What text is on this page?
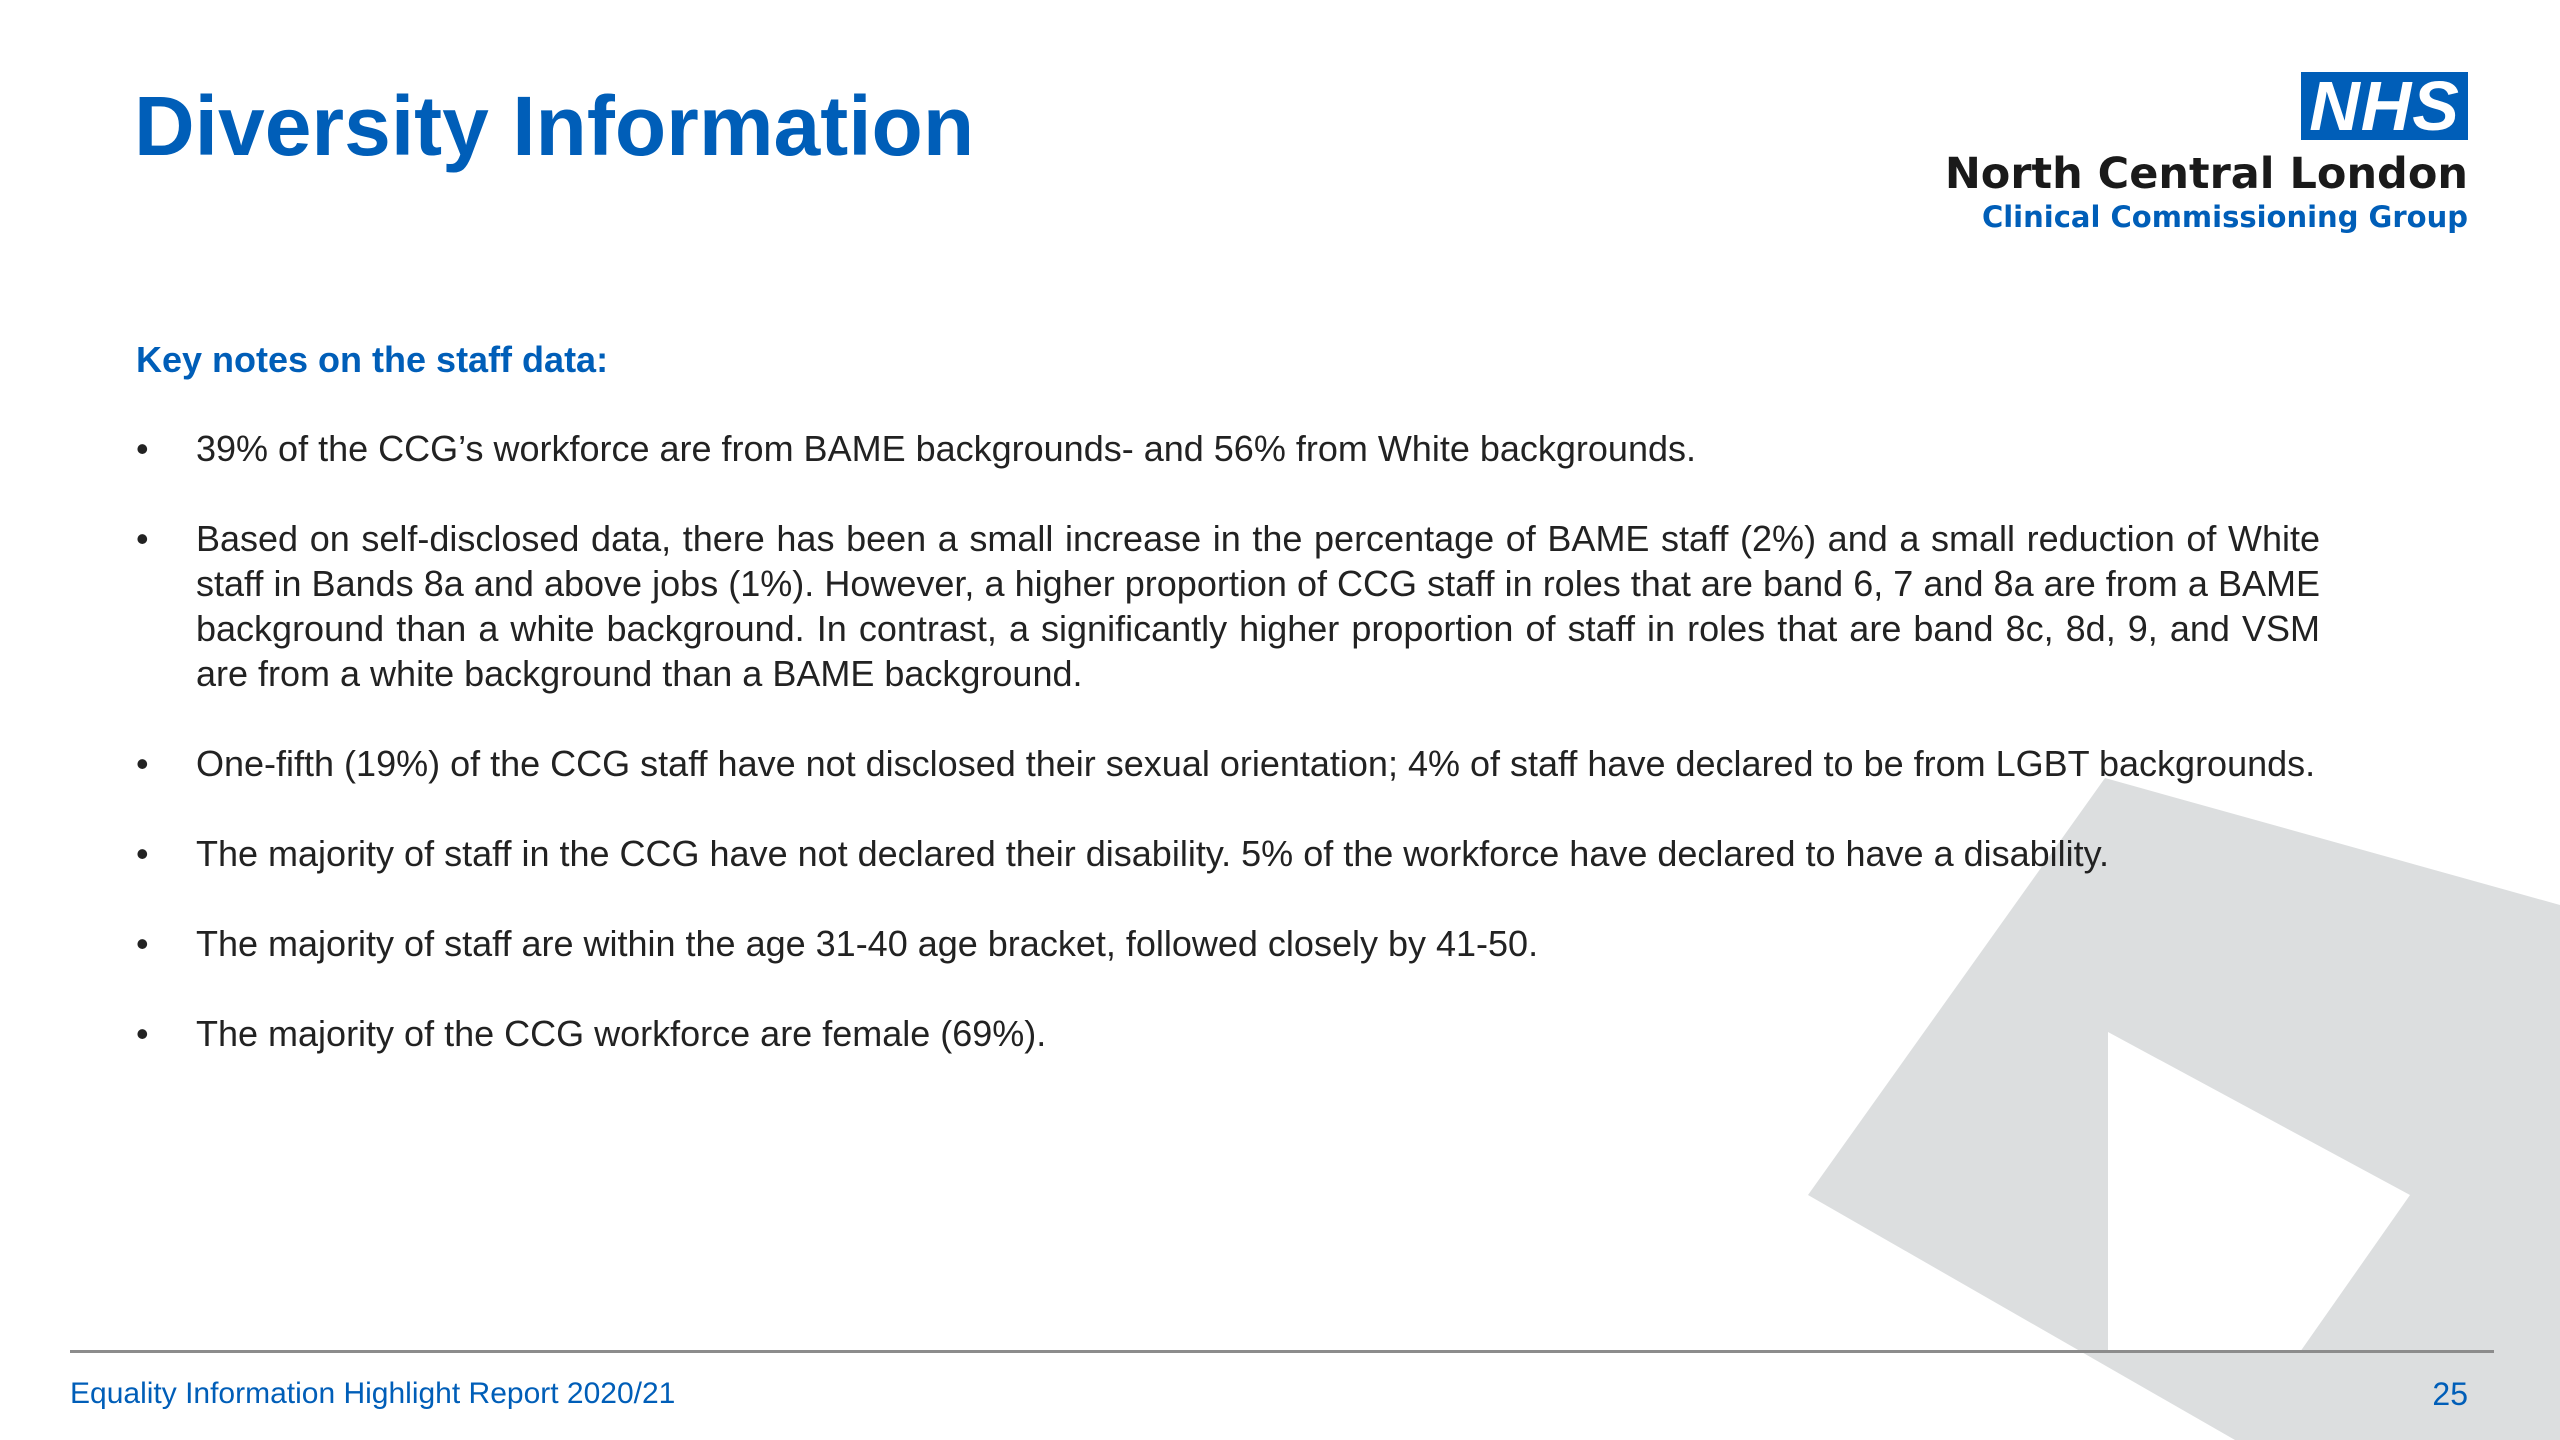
Diversity Information	NHS
North Central London
Clinical Commissioning Group
Key notes on the staff data:
• 39% of the CCG’s workforce are from BAME backgrounds- and 56% from White backgrounds.
• Based on self-disclosed data, there has been a small increase in the percentage of BAME staff (2%) and a small reduction of White staff in Bands 8a and above jobs (1%). However, a higher proportion of CCG staff in roles that are band 6, 7 and 8a are from a BAME background than a white background. In contrast, a significantly higher proportion of staff in roles that are band 8c, 8d, 9, and VSM are from a white background than a BAME background.
• One-fifth (19%) of the CCG staff have not disclosed their sexual orientation; 4% of staff have declared to be from LGBT backgrounds.
• The majority of staff in the CCG have not declared their disability. 5% of the workforce have declared to have a disability.
• The majority of staff are within the age 31-40 age bracket, followed closely by 41-50.
• The majority of the CCG workforce are female (69%).
Equality Information Highlight Report 2020/21	25
